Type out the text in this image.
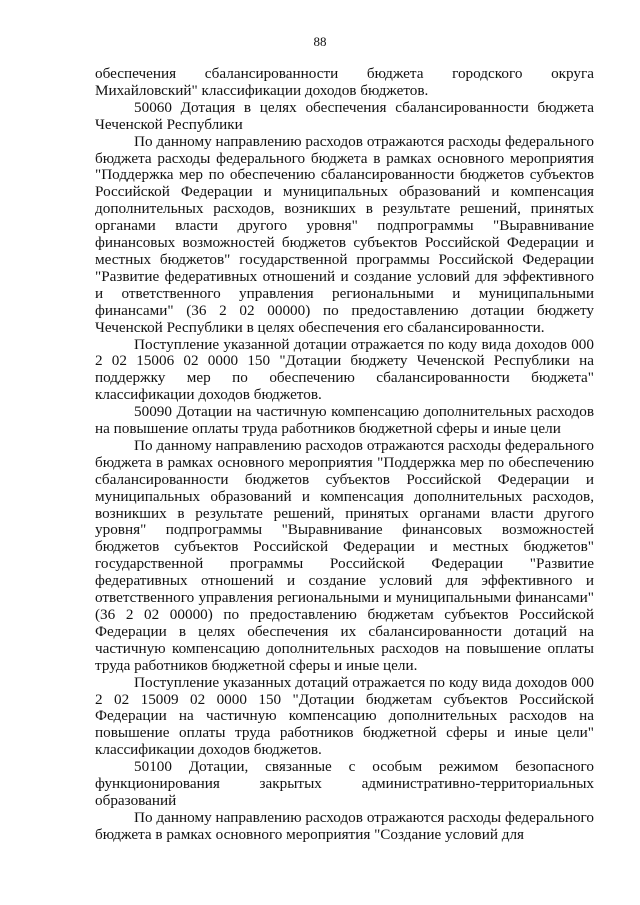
88

обеспечения сбалансированности бюджета городского округа Михайловский" классификации доходов бюджетов.

50060 Дотация в целях обеспечения сбалансированности бюджета Чеченской Республики

По данному направлению расходов отражаются расходы федерального бюджета расходы федерального бюджета в рамках основного мероприятия "Поддержка мер по обеспечению сбалансированности бюджетов субъектов Российской Федерации и муниципальных образований и компенсация дополнительных расходов, возникших в результате решений, принятых органами власти другого уровня" подпрограммы "Выравнивание финансовых возможностей бюджетов субъектов Российской Федерации и местных бюджетов" государственной программы Российской Федерации "Развитие федеративных отношений и создание условий для эффективного и ответственного управления региональными и муниципальными финансами" (36 2 02 00000) по предоставлению дотации бюджету Чеченской Республики в целях обеспечения его сбалансированности.

Поступление указанной дотации отражается по коду вида доходов 000 2 02 15006 02 0000 150 "Дотации бюджету Чеченской Республики на поддержку мер по обеспечению сбалансированности бюджета" классификации доходов бюджетов.

50090 Дотации на частичную компенсацию дополнительных расходов на повышение оплаты труда работников бюджетной сферы и иные цели

По данному направлению расходов отражаются расходы федерального бюджета в рамках основного мероприятия "Поддержка мер по обеспечению сбалансированности бюджетов субъектов Российской Федерации и муниципальных образований и компенсация дополнительных расходов, возникших в результате решений, принятых органами власти другого уровня" подпрограммы "Выравнивание финансовых возможностей бюджетов субъектов Российской Федерации и местных бюджетов" государственной программы Российской Федерации "Развитие федеративных отношений и создание условий для эффективного и ответственного управления региональными и муниципальными финансами" (36 2 02 00000) по предоставлению бюджетам субъектов Российской Федерации в целях обеспечения их сбалансированности дотаций на частичную компенсацию дополнительных расходов на повышение оплаты труда работников бюджетной сферы и иные цели.

Поступление указанных дотаций отражается по коду вида доходов 000 2 02 15009 02 0000 150 "Дотации бюджетам субъектов Российской Федерации на частичную компенсацию дополнительных расходов на повышение оплаты труда работников бюджетной сферы и иные цели" классификации доходов бюджетов.

50100 Дотации, связанные с особым режимом безопасного функционирования закрытых административно-территориальных образований

По данному направлению расходов отражаются расходы федерального бюджета в рамках основного мероприятия "Создание условий для
